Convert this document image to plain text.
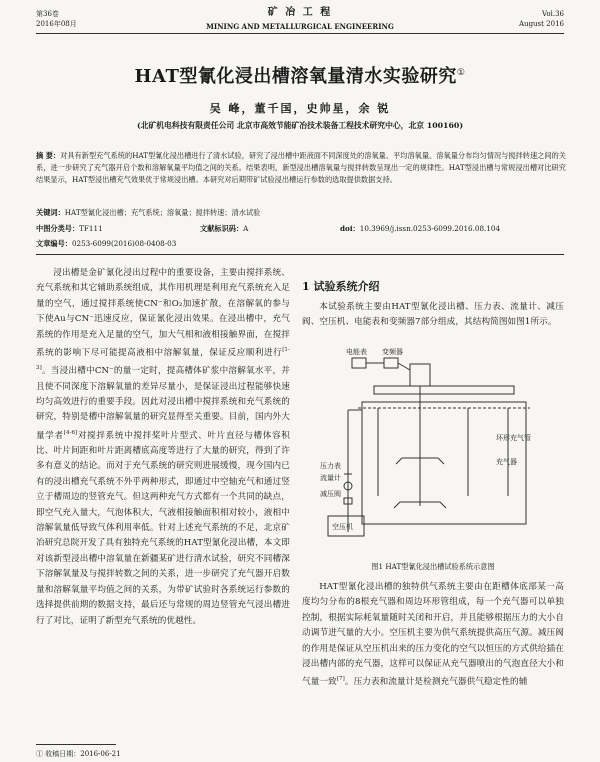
第36卷
2016年08月
矿 冶 工 程
MINING AND METALLURGICAL ENGINEERING
Vol.36
August 2016
HAT型氰化浸出槽溶氧量清水实验研究①
吴 峰，董千国，史帅星，余 锐
(北矿机电科技有限责任公司 北京市高效节能矿冶技术装备工程技术研究中心，北京 100160)
摘 要：对具有新型充气系统的HAT型氰化浸出槽进行了清水试验，研究了浸出槽中距液面不同深度处的溶氧量、平均溶氧量、溶氧量分布均匀情况与搅拌转速之间的关系，进一步研究了充气器开启个数和溶解氧量平均值之间的关系。结果表明，新型浸出槽溶氧量与搅拌转数呈现出一定的规律性。HAT型浸出槽与常规浸出槽对比研究结果显示，HAT型浸出槽充气效果优于常规浸出槽。本研究对后期带矿试验浸出槽运行参数的选取提供数据支持。
关键词：HAT型氰化浸出槽；充气系统；溶氧量；搅拌转速；清水试验
中图分类号：TF111	文献标识码：A	doi：10.3969/j.issn.0253-6099.2016.08.104
文章编号：0253-6099(2016)08-0408-03

浸出槽是金矿氰化浸出过程中的重要设备，主要由搅拌系统、充气系统和其它辅助系统组成，其作用机理是利用充气系统充入足量的空气，通过搅拌系统使CN⁻和O₂加速扩散，在溶解氧的参与下使Au与CN⁻迅速反应，保证氰化浸出效果。在浸出槽中，充气系统的作用是充入足量的空气，加大气相和液相接触界面，在搅拌系统的影响下尽可能提高液相中溶解氧量，保证反应顺利进行[1-3]。当浸出槽中CN⁻的量一定时，提高槽体矿浆中溶解氧水平，并且使不同深度下溶解氧量的差异尽量小，是保证浸出过程能够快速均匀高效进行的重要手段。因此对浸出槽中搅拌系统和充气系统的研究，特别是槽中溶解氧量的研究显得至关重要。目前，国内外大量学者[4-6]对搅拌系统中搅拌桨叶片型式、叶片直径与槽体容积比、叶片间距和叶片距离槽底高度等进行了大量的研究，得到了许多有意义的结论。而对于充气系统的研究则进展缓慢，现今国内已有的浸出槽充气系统不外乎两种形式，即通过中空轴充气和通过竖立于槽周边的竖管充气。但这两种充气方式都有一个共同的缺点，即空气充入量大，气泡体积大，气液相接触面积相对较小，液相中溶解氧量低导致气体利用率低。针对上述充气系统的不足，北京矿冶研究总院开发了具有独特充气系统的HAT型氰化浸出槽，本文即对该新型浸出槽中溶氧量在新疆某矿进行清水试验，研究不同槽深下溶解氧量及与搅拌转数之间的关系，进一步研究了充气器开启数量和溶解氧量平均值之间的关系，为带矿试验时各系统运行参数的选择提供前期的数据支持，最后还与常规的周边竖管充气浸出槽进行了对比，证明了新型充气系统的优越性。

1 试验系统介绍

本试验系统主要由HAT型氰化浸出槽、压力表、流量计、减压阀、空压机、电能表和变频器7部分组成，其结构简图如图1所示。

电能表 变频器
环形充气管
充气器
压力表
流量计
减压阀
空压机
图1 HAT型氰化浸出槽试验系统示意图

HAT型氰化浸出槽的独特供气系统主要由在距槽体底部某一高度均匀分布的8根充气器和周边环形管组成，每一个充气器可以单独控制，根据实际耗氧量随时关闭和开启，并且能够根据压力的大小自动调节进气量的大小。空压机主要为供气系统提供高压气源。减压阀的作用是保证从空压机出来的压力变化的空气以恒压的方式供给插在浸出槽内部的充气器，这样可以保证从充气器喷出的气泡直径大小和气量一致[7]。压力表和流量计是检测充气器供气稳定性的辅

① 收稿日期：2016-06-21
